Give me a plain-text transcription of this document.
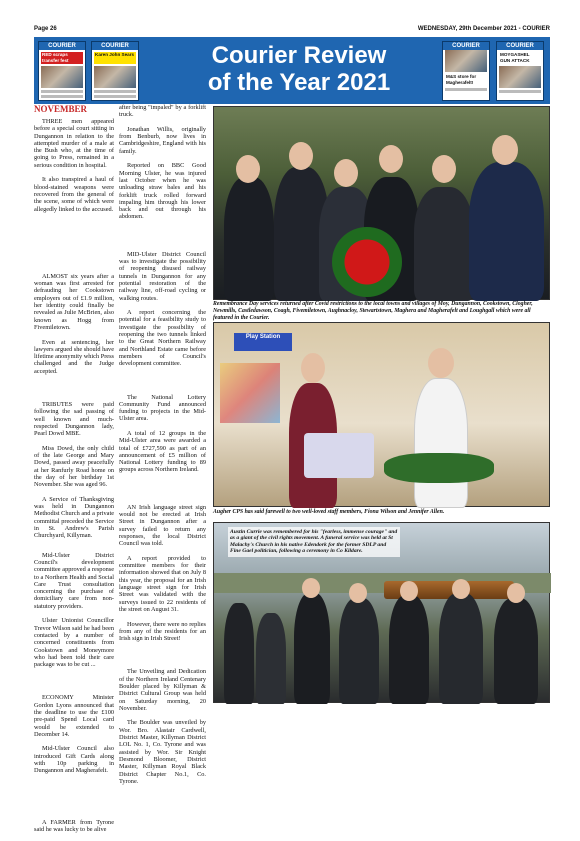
Page 26	WEDNESDAY, 29th December 2021 - COURIER
COURIER
RED scraps transfer fest
COURIER
Karen John Sears	Courier Review
of the Year 2021
COURIER
M&S store for Magherafelt!
COURIER
MOYGASHEL GUN ATTACK

NOVEMBER

THREE men appeared before a special court sitting in Dungannon in relation to the attempted murder of a male at the Bush who, at the time of going to Press, remained in a serious condition in hospital.

It also transpired a haul of blood-stained weapons were recovered from the general of the scene, some of which were allegedly linked to the accused.

ALMOST six years after a woman was first arrested for defrauding her Cookstown employers out of £1.9 million, her identity could finally be revealed as Julie McBrien, also known as Hogg from Fivemiletown.

Even at sentencing, her lawyers argued she should have lifetime anonymity which Press challenged and the Judge accepted.

TRIBUTES were paid following the sad passing of well known and much-respected Dungannon lady, Pearl Dowd MBE.

Miss Dowd, the only child of the late George and Mary Dowd, passed away peacefully at her Ranfurly Road home on the day of her birthday 1st November. She was aged 96.

A Service of Thanksgiving was held in Dungannon Methodist Church and a private committal preceded the Service in St. Andrew's Parish Churchyard, Killyman.

Mid-Ulster District Council's development committee approved a response to a Northern Health and Social Care Trust consultation concerning the purchase of domiciliary care from non-statutory providers.

Ulster Unionist Councillor Trevor Wilson said he had been contacted by a number of concerned constituents from Cookstown and Moneymore who had been told their care package was to be cut ...

ECONOMY Minister Gordon Lyons announced that the deadline to use the £100 pre-paid Spend Local card would be extended to December 14.

Mid-Ulster Council also introduced Gift Cards along with 10p parking in Dungannon and Magherafelt.

A FARMER from Tyrone said he was lucky to be alive

after being "impaled" by a forklift truck.

Jonathan Willis, originally from Benburb, now lives in Cambridgeshire, England with his family.

Reported on BBC Good Morning Ulster, he was injured last October when he was unloading straw bales and his forklift truck rolled forward impaling him through his lower back and out through his abdomen.

MID-Ulster District Council was to investigate the possibility of reopening disused railway tunnels in Dungannon for any potential restoration of the railway line, off-road cycling or walking routes.

A report concerning the potential for a feasibility study to investigate the possibility of reopening the two tunnels linked to the Great Northern Railway and Northland Estate came before members of Council's development committee.

The National Lottery Community Fund announced funding to projects in the Mid-Ulster area.

A total of 12 groups in the Mid-Ulster area were awarded a total of £727,590 as part of an announcement of £5 million of National Lottery funding to 89 groups across Northern Ireland.

AN Irish language street sign would not be erected at Irish Street in Dungannon after a survey failed to return any responses, the local District Council was told.

A report provided to committee members for their information showed that on July 8 this year, the proposal for an Irish language street sign for Irish Street was validated with the surveys issued to 22 residents of the street on August 31.

However, there were no replies from any of the residents for an Irish sign in Irish Street!

The Unveiling and Dedication of the Northern Ireland Centenary Boulder placed by Killyman & District Cultural Group was held on Saturday morning, 20 November.

The Boulder was unveiled by Wor. Bro. Alastair Cardwell, District Master, Killyman District LOL No. 1, Co. Tyrone and was assisted by Wor. Sir Knight Desmond Bloomer, District Master, Killyman Royal Black District Chapter No.1, Co. Tyrone.

Remembrance Day services returned after Covid restrictions to the local towns and villages of Moy, Dungannon, Cookstown, Clogher, Newmills, Castledawson, Coagh, Fivemiletown, Aughnacloy, Stewartstown, Maghera and Magherafelt and Loughgall which were all featured in the Courier.
Play Station
Augher CPS has said farewell to two well-loved staff members, Fiona Wilson and Jennifer Allen.
Austin Currie was remembered for his "fearless, immense courage" and as a giant of the civil rights movement. A funeral service was held at St Malachy's Church in his native Edendork for the former SDLP and Fine Gael politician, following a ceremony in Co Kildare.
